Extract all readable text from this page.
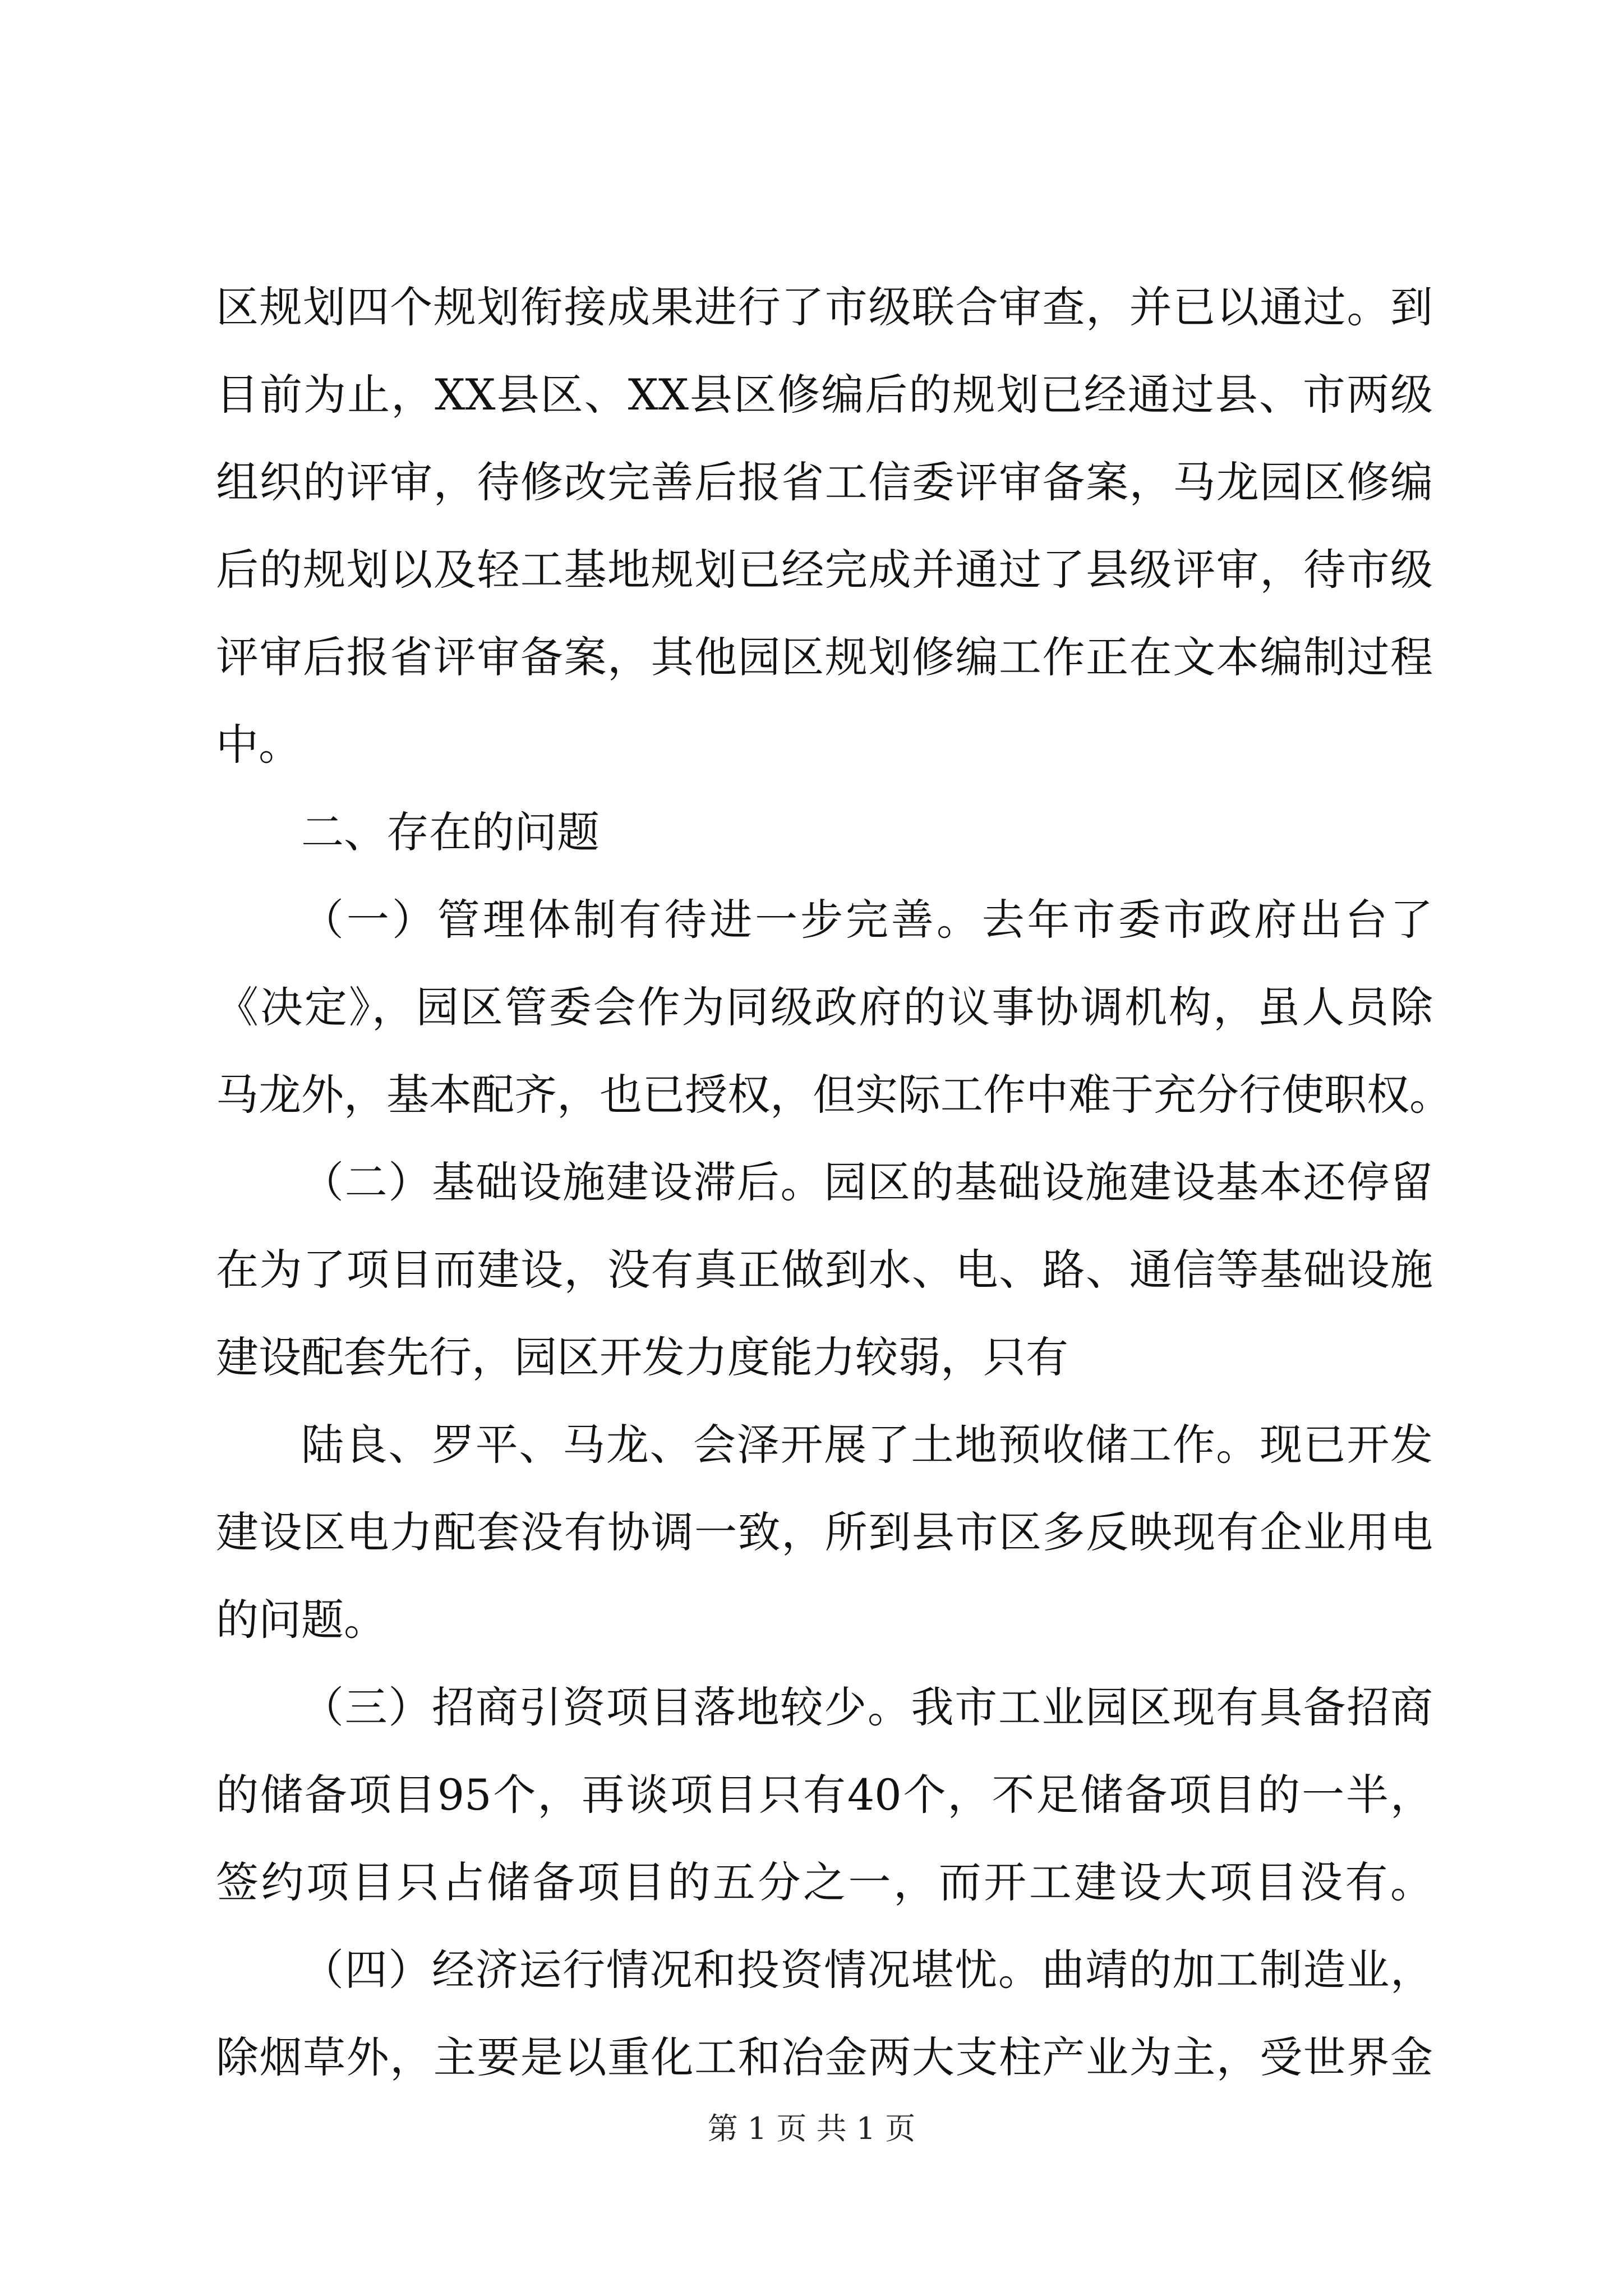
区规划四个规划衔接成果进行了市级联合审查，并已以通过。到
目前为止，XX县区、XX县区修编后的规划已经通过县、市两级
组织的评审，待修改完善后报省工信委评审备案，马龙园区修编
后的规划以及轻工基地规划已经完成并通过了县级评审，待市级
评审后报省评审备案，其他园区规划修编工作正在文本编制过程
中。
二、存在的问题
（一）管理体制有待进一步完善。去年市委市政府出台了
《决定》，园区管委会作为同级政府的议事协调机构，虽人员除
马龙外，基本配齐，也已授权，但实际工作中难于充分行使职权。
（二）基础设施建设滞后。园区的基础设施建设基本还停留
在为了项目而建设，没有真正做到水、电、路、通信等基础设施
建设配套先行，园区开发力度能力较弱，只有
陆良、罗平、马龙、会泽开展了土地预收储工作。现已开发
建设区电力配套没有协调一致，所到县市区多反映现有企业用电
的问题。
（三）招商引资项目落地较少。我市工业园区现有具备招商
的储备项目95个，再谈项目只有40个，不足储备项目的一半，
签约项目只占储备项目的五分之一，而开工建设大项目没有。
（四）经济运行情况和投资情况堪忧。曲靖的加工制造业，
除烟草外，主要是以重化工和冶金两大支柱产业为主，受世界金
第 1 页 共 1 页
